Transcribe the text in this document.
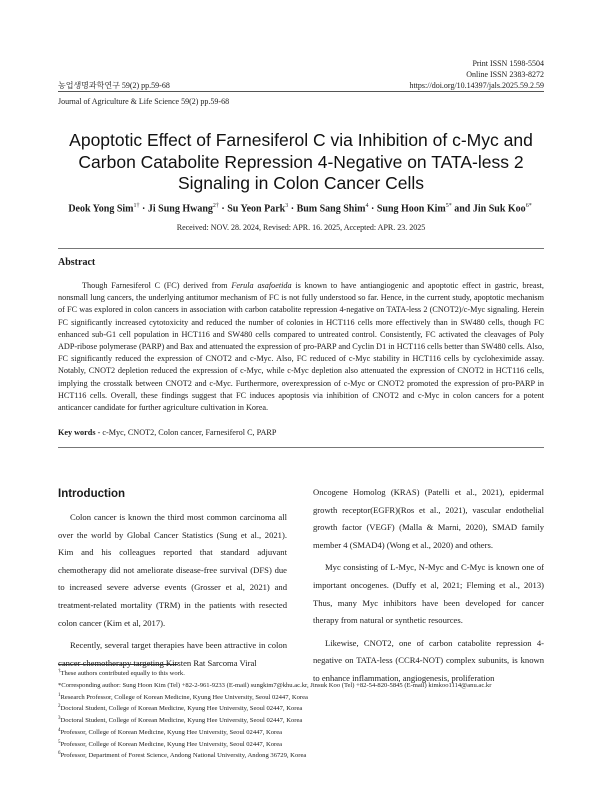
Print ISSN 1598-5504
Online ISSN 2383-8272
농업생명과학연구 59(2) pp.59-68	https://doi.org/10.14397/jals.2025.59.2.59
Journal of Agriculture & Life Science 59(2) pp.59-68
Apoptotic Effect of Farnesiferol C via Inhibition of c-Myc and Carbon Catabolite Repression 4-Negative on TATA-less 2 Signaling in Colon Cancer Cells
Deok Yong Sim$^{1\dagger}$ · Ji Sung Hwang$^{2\dagger}$ · Su Yeon Park$^3$ · Bum Sang Shim$^4$ · Sung Hoon Kim$^{5*}$ and Jin Suk Koo$^{6*}$
Received: NOV. 28. 2024, Revised: APR. 16. 2025, Accepted: APR. 23. 2025
Abstract
Though Farnesiferol C (FC) derived from Ferula asafoetida is known to have antiangiogenic and apoptotic effect in gastric, breast, nonsmall lung cancers, the underlying antitumor mechanism of FC is not fully understood so far. Hence, in the current study, apoptotic mechanism of FC was explored in colon cancers in association with carbon catabolite repression 4-negative on TATA-less 2 (CNOT2)/c-Myc signaling. Herein FC significantly increased cytotoxicity and reduced the number of colonies in HCT116 cells more effectively than in SW480 cells, though FC enhanced sub-G1 cell population in HCT116 and SW480 cells compared to untreated control. Consistently, FC activated the cleavages of Poly ADP-ribose polymerase (PARP) and Bax and attenuated the expression of pro-PARP and Cyclin D1 in HCT116 cells better than SW480 cells. Also, FC significantly reduced the expression of CNOT2 and c-Myc. Also, FC reduced of c-Myc stability in HCT116 cells by cycloheximide assay. Notably, CNOT2 depletion reduced the expression of c-Myc, while c-Myc depletion also attenuated the expression of CNOT2 in HCT116 cells, implying the crosstalk between CNOT2 and c-Myc. Furthermore, overexpression of c-Myc or CNOT2 promoted the expression of pro-PARP in HCT116 cells. Overall, these findings suggest that FC induces apoptosis via inhibition of CNOT2 and c-Myc in colon cancers for a potent anticancer candidate for further agriculture cultivation in Korea.
Key words - c-Myc, CNOT2, Colon cancer, Farnesiferol C, PARP
Introduction

Colon cancer is known the third most common carcinoma all over the world by Global Cancer Statistics (Sung et al., 2021). Kim and his colleagues reported that standard adjuvant chemotherapy did not ameliorate disease-free survival (DFS) due to increased severe adverse events (Grosser et al, 2021) and treatment-related mortality (TRM) in the patients with resected colon cancer (Kim et al, 2017).

Recently, several target therapies have been attractive in colon cancer chemotherapy targeting Kirsten Rat Sarcoma Viral

Oncogene Homolog (KRAS) (Patelli et al., 2021), epidermal growth receptor(EGFR)(Ros et al., 2021), vascular endothelial growth factor (VEGF) (Malla & Marni, 2020), SMAD family member 4 (SMAD4) (Wong et al., 2020) and others.

Myc consisting of L-Myc, N-Myc and C-Myc is known one of important oncogenes. (Duffy et al, 2021; Fleming et al., 2013) Thus, many Myc inhibitors have been developed for cancer therapy from natural or synthetic resources.

Likewise, CNOT2, one of carbon catabolite repression 4-negative on TATA-less (CCR4-NOT) complex subunits, is known to enhance inflammation, angiogenesis, proliferation

†These authors contributed equally to this work.
*Corresponding author: Sung Hoon Kim (Tel) +82-2-961-9233 (E-mail) sungkim7@khu.ac.kr, Jinsuk Koo (Tel) +82-54-820-5845 (E-mail) kimkoo1114@anu.ac.kr
$^1$Research Professor, College of Korean Medicine, Kyung Hee University, Seoul 02447, Korea
$^2$Doctoral Student, College of Korean Medicine, Kyung Hee University, Seoul 02447, Korea
$^3$Doctoral Student, College of Korean Medicine, Kyung Hee University, Seoul 02447, Korea
$^4$Professor, College of Korean Medicine, Kyung Hee University, Seoul 02447, Korea
$^5$Professor, College of Korean Medicine, Kyung Hee University, Seoul 02447, Korea
$^6$Professor, Department of Forest Science, Andong National University, Andong 36729, Korea
